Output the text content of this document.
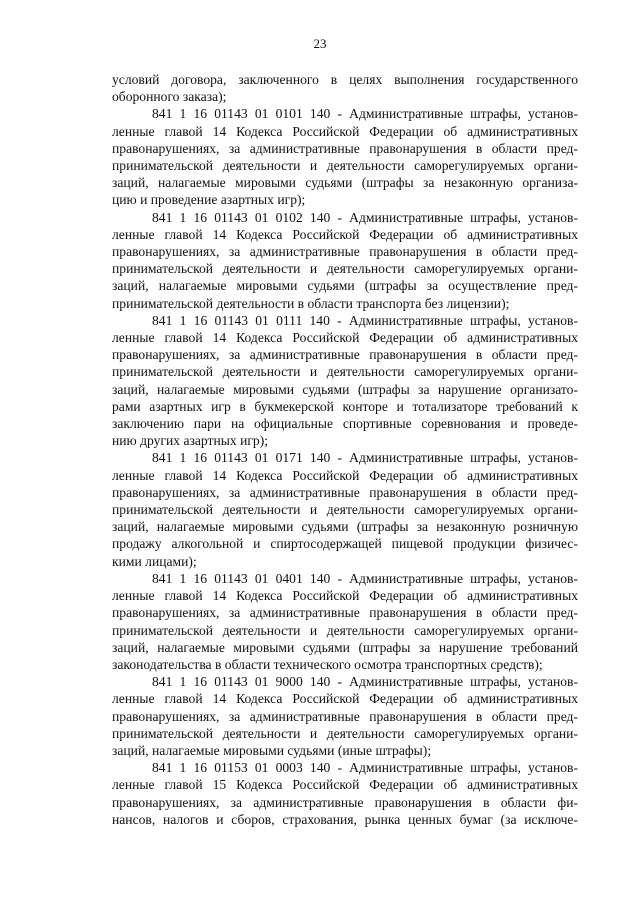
23
условий договора, заключенного в целях выполнения государственного
оборонного заказа);
841 1 16 01143 01 0101 140 - Административные штрафы, установ-
ленные главой 14 Кодекса Российской Федерации об административных
правонарушениях, за административные правонарушения в области пред-
принимательской деятельности и деятельности саморегулируемых органи-
заций, налагаемые мировыми судьями (штрафы за незаконную организа-
цию и проведение азартных игр);
841 1 16 01143 01 0102 140 - Административные штрафы, установ-
ленные главой 14 Кодекса Российской Федерации об административных
правонарушениях, за административные правонарушения в области пред-
принимательской деятельности и деятельности саморегулируемых органи-
заций, налагаемые мировыми судьями (штрафы за осуществление пред-
принимательской деятельности в области транспорта без лицензии);
841 1 16 01143 01 0111 140 - Административные штрафы, установ-
ленные главой 14 Кодекса Российской Федерации об административных
правонарушениях, за административные правонарушения в области пред-
принимательской деятельности и деятельности саморегулируемых органи-
заций, налагаемые мировыми судьями (штрафы за нарушение организато-
рами азартных игр в букмекерской конторе и тотализаторе требований к
заключению пари на официальные спортивные соревнования и проведе-
нию других азартных игр);
841 1 16 01143 01 0171 140 - Административные штрафы, установ-
ленные главой 14 Кодекса Российской Федерации об административных
правонарушениях, за административные правонарушения в области пред-
принимательской деятельности и деятельности саморегулируемых органи-
заций, налагаемые мировыми судьями (штрафы за незаконную розничную
продажу алкогольной и спиртосодержащей пищевой продукции физичес-
кими лицами);
841 1 16 01143 01 0401 140 - Административные штрафы, установ-
ленные главой 14 Кодекса Российской Федерации об административных
правонарушениях, за административные правонарушения в области пред-
принимательской деятельности и деятельности саморегулируемых органи-
заций, налагаемые мировыми судьями (штрафы за нарушение требований
законодательства в области технического осмотра транспортных средств);
841 1 16 01143 01 9000 140 - Административные штрафы, установ-
ленные главой 14 Кодекса Российской Федерации об административных
правонарушениях, за административные правонарушения в области пред-
принимательской деятельности и деятельности саморегулируемых органи-
заций, налагаемые мировыми судьями (иные штрафы);
841 1 16 01153 01 0003 140 - Административные штрафы, установ-
ленные главой 15 Кодекса Российской Федерации об административных
правонарушениях, за административные правонарушения в области фи-
нансов, налогов и сборов, страхования, рынка ценных бумаг (за исключе-
